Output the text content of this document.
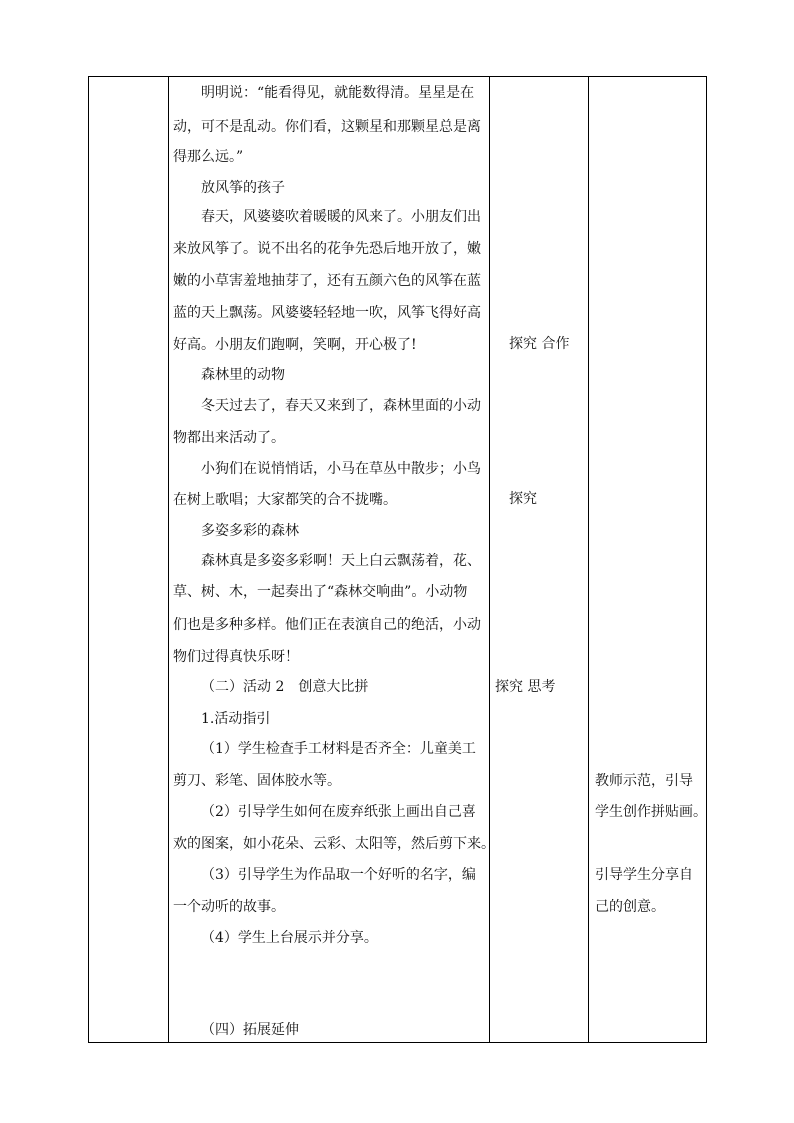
明明说：“能看得见，就能数得清。星星是在
动，可不是乱动。你们看，这颗星和那颗星总是离
得那么远。”
放风筝的孩子
春天，风婆婆吹着暖暖的风来了。小朋友们出
来放风筝了。说不出名的花争先恐后地开放了，嫩
嫩的小草害羞地抽芽了，还有五颜六色的风筝在蓝
蓝的天上飘荡。风婆婆轻轻地一吹，风筝飞得好高
好高。小朋友们跑啊，笑啊，开心极了!
森林里的动物
冬天过去了，春天又来到了，森林里面的小动
物都出来活动了。
小狗们在说悄悄话，小马在草丛中散步；小鸟
在树上歌唱；大家都笑的合不拢嘴。
多姿多彩的森林
森林真是多姿多彩啊！天上白云飘荡着，花、
草、树、木，一起奏出了“森林交响曲”。小动物
们也是多种多样。他们正在表演自己的绝活，小动
物们过得真快乐呀！
（二）活动 2　创意大比拼
1.活动指引
（1）学生检查手工材料是否齐全：儿童美工
剪刀、彩笔、固体胶水等。
（2）引导学生如何在废弃纸张上画出自己喜
欢的图案，如小花朵、云彩、太阳等，然后剪下来。
（3）引导学生为作品取一个好听的名字，编
一个动听的故事。
（4）学生上台展示并分享。
（四）拓展延伸
探究 合作
探究
探究 思考
教师示范，引导
学生创作拼贴画。
引导学生分享自
己的创意。
